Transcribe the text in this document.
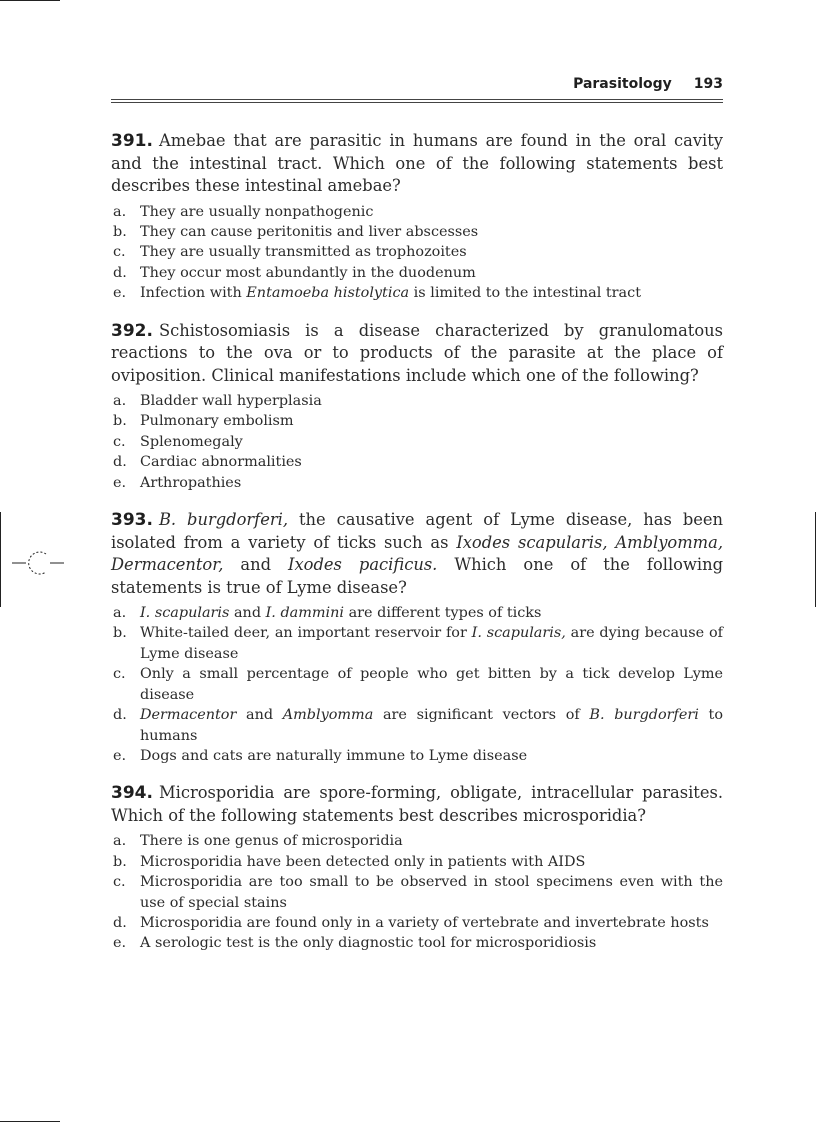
Parasitology 193
391. Amebae that are parasitic in humans are found in the oral cavity and the intestinal tract. Which one of the following statements best describes these intestinal amebae?
a. They are usually nonpathogenic
b. They can cause peritonitis and liver abscesses
c. They are usually transmitted as trophozoites
d. They occur most abundantly in the duodenum
e. Infection with Entamoeba histolytica is limited to the intestinal tract
392. Schistosomiasis is a disease characterized by granulomatous reactions to the ova or to products of the parasite at the place of oviposition. Clinical manifestations include which one of the following?
a. Bladder wall hyperplasia
b. Pulmonary embolism
c. Splenomegaly
d. Cardiac abnormalities
e. Arthropathies
393. B. burgdorferi, the causative agent of Lyme disease, has been isolated from a variety of ticks such as Ixodes scapularis, Amblyomma, Dermacentor, and Ixodes pacificus. Which one of the following statements is true of Lyme disease?
a. I. scapularis and I. dammini are different types of ticks
b. White-tailed deer, an important reservoir for I. scapularis, are dying because of Lyme disease
c. Only a small percentage of people who get bitten by a tick develop Lyme disease
d. Dermacentor and Amblyomma are significant vectors of B. burgdorferi to humans
e. Dogs and cats are naturally immune to Lyme disease
394. Microsporidia are spore-forming, obligate, intracellular parasites. Which of the following statements best describes microsporidia?
a. There is one genus of microsporidia
b. Microsporidia have been detected only in patients with AIDS
c. Microsporidia are too small to be observed in stool specimens even with the use of special stains
d. Microsporidia are found only in a variety of vertebrate and invertebrate hosts
e. A serologic test is the only diagnostic tool for microsporidiosis
